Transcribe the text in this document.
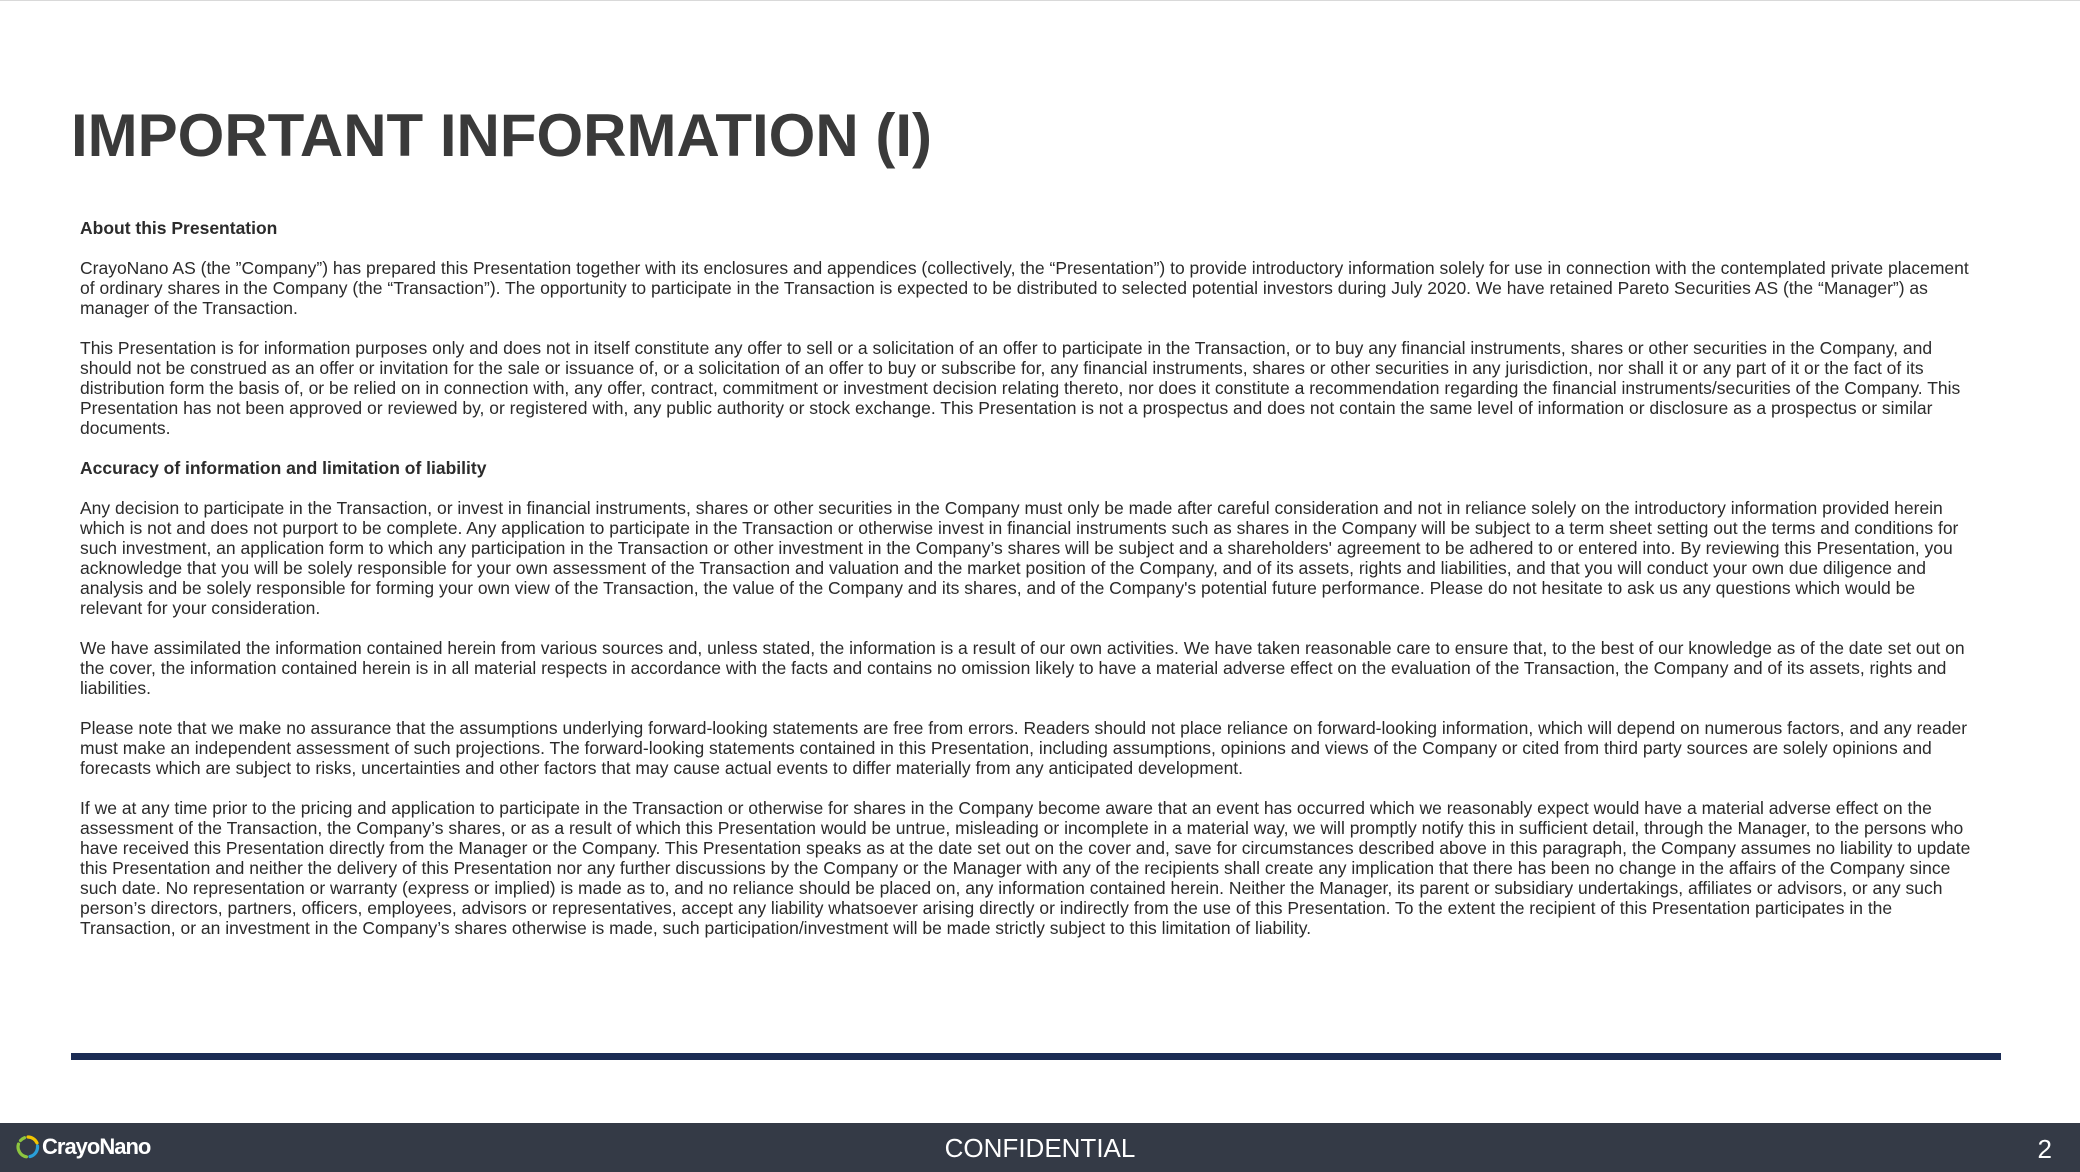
IMPORTANT INFORMATION (I)

About this Presentation

CrayoNano AS (the ”Company”) has prepared this Presentation together with its enclosures and appendices (collectively, the “Presentation”) to provide introductory information solely for use in connection with the contemplated private placement of ordinary shares in the Company (the “Transaction”). The opportunity to participate in the Transaction is expected to be distributed to selected potential investors during July 2020. We have retained Pareto Securities AS (the “Manager”) as manager of the Transaction.

This Presentation is for information purposes only and does not in itself constitute any offer to sell or a solicitation of an offer to participate in the Transaction, or to buy any financial instruments, shares or other securities in the Company, and should not be construed as an offer or invitation for the sale or issuance of, or a solicitation of an offer to buy or subscribe for, any financial instruments, shares or other securities in any jurisdiction, nor shall it or any part of it or the fact of its distribution form the basis of, or be relied on in connection with, any offer, contract, commitment or investment decision relating thereto, nor does it constitute a recommendation regarding the financial instruments/securities of the Company. This Presentation has not been approved or reviewed by, or registered with, any public authority or stock exchange. This Presentation is not a prospectus and does not contain the same level of information or disclosure as a prospectus or similar documents.

Accuracy of information and limitation of liability

Any decision to participate in the Transaction, or invest in financial instruments, shares or other securities in the Company must only be made after careful consideration and not in reliance solely on the introductory information provided herein which is not and does not purport to be complete. Any application to participate in the Transaction or otherwise invest in financial instruments such as shares in the Company will be subject to a term sheet setting out the terms and conditions for such investment, an application form to which any participation in the Transaction or other investment in the Company’s shares will be subject and a shareholders' agreement to be adhered to or entered into. By reviewing this Presentation, you acknowledge that you will be solely responsible for your own assessment of the Transaction and valuation and the market position of the Company, and of its assets, rights and liabilities, and that you will conduct your own due diligence and analysis and be solely responsible for forming your own view of the Transaction, the value of the Company and its shares, and of the Company's potential future performance. Please do not hesitate to ask us any questions which would be relevant for your consideration.

We have assimilated the information contained herein from various sources and, unless stated, the information is a result of our own activities. We have taken reasonable care to ensure that, to the best of our knowledge as of the date set out on the cover, the information contained herein is in all material respects in accordance with the facts and contains no omission likely to have a material adverse effect on the evaluation of the Transaction, the Company and of its assets, rights and liabilities.

Please note that we make no assurance that the assumptions underlying forward-looking statements are free from errors. Readers should not place reliance on forward-looking information, which will depend on numerous factors, and any reader must make an independent assessment of such projections. The forward-looking statements contained in this Presentation, including assumptions, opinions and views of the Company or cited from third party sources are solely opinions and forecasts which are subject to risks, uncertainties and other factors that may cause actual events to differ materially from any anticipated development.

If we at any time prior to the pricing and application to participate in the Transaction or otherwise for shares in the Company become aware that an event has occurred which we reasonably expect would have a material adverse effect on the assessment of the Transaction, the Company’s shares, or as a result of which this Presentation would be untrue, misleading or incomplete in a material way, we will promptly notify this in sufficient detail, through the Manager, to the persons who have received this Presentation directly from the Manager or the Company. This Presentation speaks as at the date set out on the cover and, save for circumstances described above in this paragraph, the Company assumes no liability to update this Presentation and neither the delivery of this Presentation nor any further discussions by the Company or the Manager with any of the recipients shall create any implication that there has been no change in the affairs of the Company since such date. No representation or warranty (express or implied) is made as to, and no reliance should be placed on, any information contained herein. Neither the Manager, its parent or subsidiary undertakings, affiliates or advisors, or any such person’s directors, partners, officers, employees, advisors or representatives, accept any liability whatsoever arising directly or indirectly from the use of this Presentation. To the extent the recipient of this Presentation participates in the Transaction, or an investment in the Company’s shares otherwise is made, such participation/investment will be made strictly subject to this limitation of liability.

CrayoNano	CONFIDENTIAL	2
